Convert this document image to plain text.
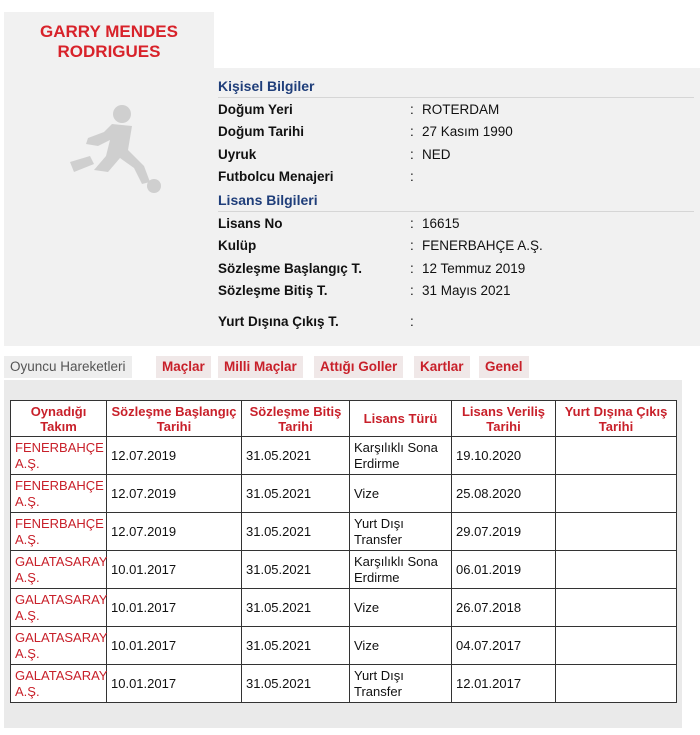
GARRY MENDES
RODRIGUES
Kişisel Bilgiler
Doğum Yeri	: ROTERDAM
Doğum Tarihi	: 27 Kasım 1990
Uyruk	: NED
Futbolcu Menajeri	:
Lisans Bilgileri
Lisans No	: 16615
Kulüp	: FENERBAHÇE A.Ş.
Sözleşme Başlangıç T.	: 12 Temmuz 2019
Sözleşme Bitiş T.	: 31 Mayıs 2021
Yurt Dışına Çıkış T.	:
Oyuncu Hareketleri	Maçlar	Milli Maçlar	Attığı Goller	Kartlar	Genel
Oynadığı Takım	Sözleşme Başlangıç Tarihi	Sözleşme Bitiş Tarihi	Lisans Türü	Lisans Veriliş Tarihi	Yurt Dışına Çıkış Tarihi
FENERBAHÇE A.Ş.	12.07.2019	31.05.2021	Karşılıklı Sona Erdirme	19.10.2020	
FENERBAHÇE A.Ş.	12.07.2019	31.05.2021	Vize	25.08.2020	
FENERBAHÇE A.Ş.	12.07.2019	31.05.2021	Yurt Dışı Transfer	29.07.2019	
GALATASARAY A.Ş.	10.01.2017	31.05.2021	Karşılıklı Sona Erdirme	06.01.2019	
GALATASARAY A.Ş.	10.01.2017	31.05.2021	Vize	26.07.2018	
GALATASARAY A.Ş.	10.01.2017	31.05.2021	Vize	04.07.2017	
GALATASARAY A.Ş.	10.01.2017	31.05.2021	Yurt Dışı Transfer	12.01.2017	
